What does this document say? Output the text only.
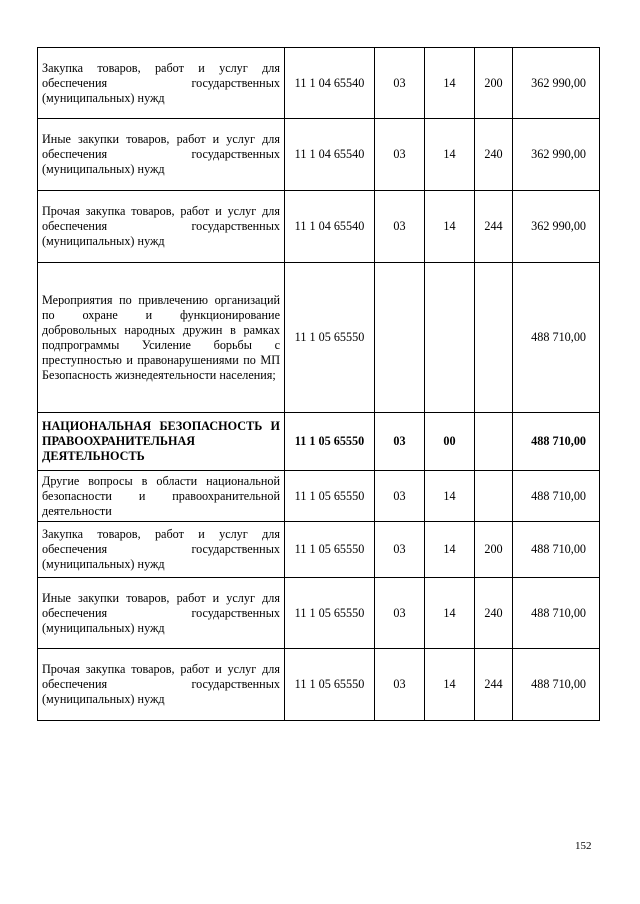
Закупка товаров, работ и услуг для обеспечения государственных (муниципальных) нужд	11 1 04 65540	03	14	200	362 990,00
Иные закупки товаров, работ и услуг для обеспечения государственных (муниципальных) нужд	11 1 04 65540	03	14	240	362 990,00
Прочая закупка товаров, работ и услуг для обеспечения государственных (муниципальных) нужд	11 1 04 65540	03	14	244	362 990,00
Мероприятия по привлечению организаций по охране и функционирование добровольных народных дружин в рамках подпрограммы Усиление борьбы с преступностью и правонарушениями по МП Безопасность жизнедеятельности населения;	11 1 05 65550				488 710,00
НАЦИОНАЛЬНАЯ БЕЗОПАСНОСТЬ И ПРАВООХРАНИТЕЛЬНАЯ ДЕЯТЕЛЬНОСТЬ	11 1 05 65550	03	00		488 710,00
Другие вопросы в области национальной безопасности и правоохранительной деятельности	11 1 05 65550	03	14		488 710,00
Закупка товаров, работ и услуг для обеспечения государственных (муниципальных) нужд	11 1 05 65550	03	14	200	488 710,00
Иные закупки товаров, работ и услуг для обеспечения государственных (муниципальных) нужд	11 1 05 65550	03	14	240	488 710,00
Прочая закупка товаров, работ и услуг для обеспечения государственных (муниципальных) нужд	11 1 05 65550	03	14	244	488 710,00
152
